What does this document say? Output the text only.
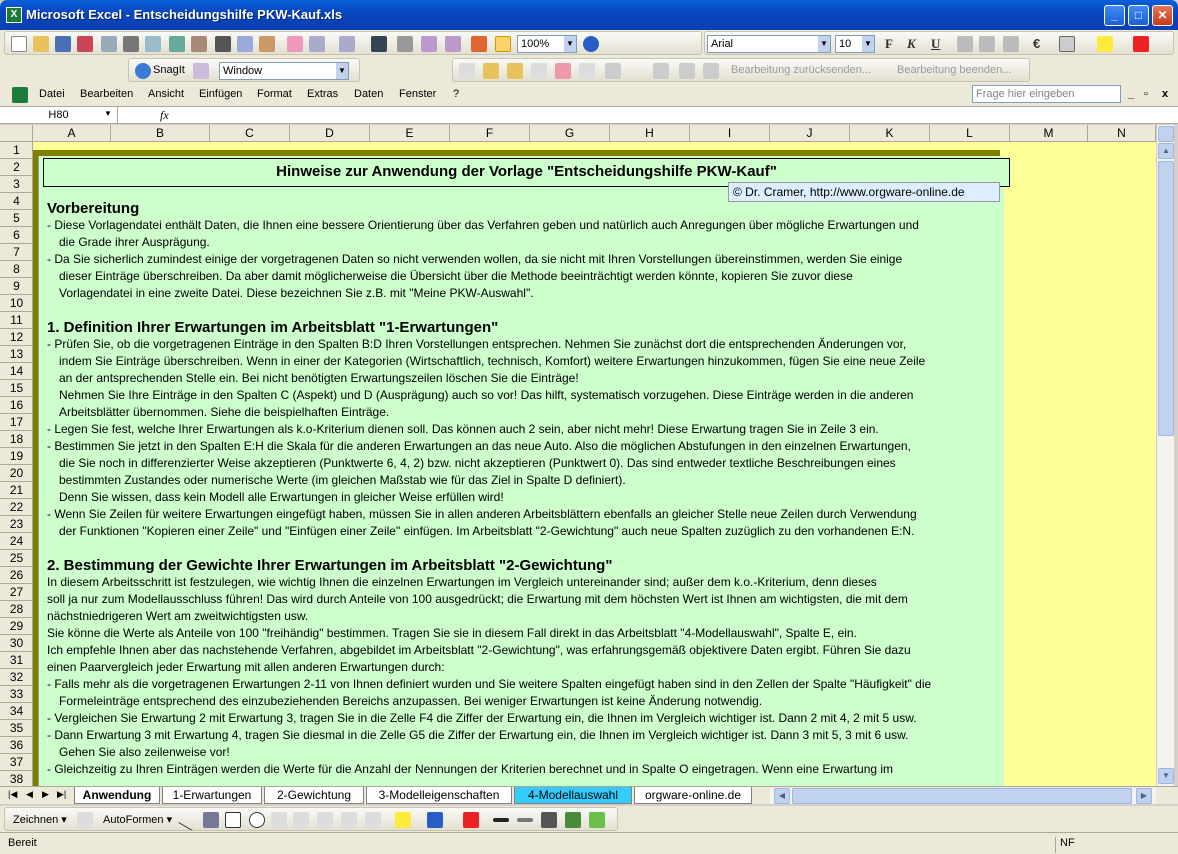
X Microsoft Excel - Entscheidungshilfe PKW-Kauf.xls	_	□	✕
100% ▼	Arial	▼	10 ▼ F K U	€
SnagIt	Window	▼	Bearbeitung zurücksenden... Bearbeitung beenden...
Datei Bearbeiten Ansicht Einfügen Format Extras Daten Fenster ?	_ ▫ x
Frage hier eingeben
H80	▼	fx
A	B	C	D	E	F	G	H	I	J	K	L	M	N
1
2
3
4
5
6
7
8
9
10
11
12
13
14
15
16
17
18
19
20
21
22
23
24
25
26
27
28
29
30
31
32
33
34
35
36
37
38
Hinweise zur Anwendung der Vorlage "Entscheidungshilfe PKW-Kauf"
© Dr. Cramer, http://www.orgware-online.de
Vorbereitung
- Diese Vorlagendatei enthält Daten, die Ihnen eine bessere Orientierung über das Verfahren geben und natürlich auch Anregungen über mögliche Erwartungen und
die Grade ihrer Ausprägung.
- Da Sie sicherlich zumindest einige der vorgetragenen Daten so nicht verwenden wollen, da sie nicht mit Ihren Vorstellungen übereinstimmen, werden Sie einige
dieser Einträge überschreiben. Da aber damit möglicherweise die Übersicht über die Methode beeinträchtigt werden könnte, kopieren Sie zuvor diese
Vorlagendatei in eine zweite Datei. Diese bezeichnen Sie z.B. mit "Meine PKW-Auswahl".
1. Definition Ihrer Erwartungen im Arbeitsblatt "1-Erwartungen"
- Prüfen Sie, ob die vorgetragenen Einträge in den Spalten B:D Ihren Vorstellungen entsprechen. Nehmen Sie zunächst dort die entsprechenden Änderungen vor,
indem Sie Einträge überschreiben. Wenn in einer der Kategorien (Wirtschaftlich, technisch, Komfort) weitere Erwartungen hinzukommen, fügen Sie eine neue Zeile
an der antsprechenden Stelle ein. Bei nicht benötigten Erwartungszeilen löschen Sie die Einträge!
Nehmen Sie Ihre Einträge in den Spalten C (Aspekt) und D (Ausprägung) auch so vor! Das hilft, systematisch vorzugehen. Diese Einträge werden in die anderen
Arbeitsblätter übernommen. Siehe die beispielhaften Einträge.
- Legen Sie fest, welche Ihrer Erwartungen als k.o-Kriterium dienen soll. Das können auch 2 sein, aber nicht mehr! Diese Erwartung tragen Sie in Zeile 3 ein.
- Bestimmen Sie jetzt in den Spalten E:H die Skala für die anderen Erwartungen an das neue Auto. Also die möglichen Abstufungen in den einzelnen Erwartungen,
die Sie noch in differenzierter Weise akzeptieren (Punktwerte 6, 4, 2) bzw. nicht akzeptieren (Punktwert 0). Das sind entweder textliche Beschreibungen eines
bestimmten Zustandes oder numerische Werte (im gleichen Maßstab wie für das Ziel in Spalte D definiert).
Denn Sie wissen, dass kein Modell alle Erwartungen in gleicher Weise erfüllen wird!
- Wenn Sie Zeilen für weitere Erwartungen eingefügt haben, müssen Sie in allen anderen Arbeitsblättern ebenfalls an gleicher Stelle neue Zeilen durch Verwendung
der Funktionen "Kopieren einer Zeile" und "Einfügen einer Zeile" einfügen. Im Arbeitsblatt "2-Gewichtung" auch neue Spalten zuzüglich zu den vorhandenen E:N.
2. Bestimmung der Gewichte Ihrer Erwartungen im Arbeitsblatt "2-Gewichtung"
In diesem Arbeitsschritt ist festzulegen, wie wichtig Ihnen die einzelnen Erwartungen im Vergleich untereinander sind; außer dem k.o.-Kriterium, denn dieses
soll ja nur zum Modellausschluss führen! Das wird durch Anteile von 100 ausgedrückt; die Erwartung mit dem höchsten Wert ist Ihnen am wichtigsten, die mit dem
nächstniedrigeren Wert am zweitwichtigsten usw.
Sie könne die Werte als Anteile von 100 "freihändig" bestimmen. Tragen Sie sie in diesem Fall direkt in das Arbeitsblatt "4-Modellauswahl", Spalte E, ein.
Ich empfehle Ihnen aber das nachstehende Verfahren, abgebildet im Arbeitsblatt "2-Gewichtung", was erfahrungsgemäß objektivere Daten ergibt. Führen Sie dazu
einen Paarvergleich jeder Erwartung mit allen anderen Erwartungen durch:
- Falls mehr als die vorgetragenen Erwartungen 2-11 von Ihnen definiert wurden und Sie weitere Spalten eingefügt haben sind in den Zellen der Spalte "Häufigkeit" die
Formeleinträge entsprechend des einzubeziehenden Bereichs anzupassen. Bei weniger Erwartungen ist keine Änderung notwendig.
- Vergleichen Sie Erwartung 2 mit Erwartung 3, tragen Sie in die Zelle F4 die Ziffer der Erwartung ein, die Ihnen im Vergleich wichtiger ist. Dann 2 mit 4, 2 mit 5 usw.
- Dann Erwartung 3 mit Erwartung 4, tragen Sie diesmal in die Zelle G5 die Ziffer der Erwartung ein, die Ihnen im Vergleich wichtiger ist. Dann 3 mit 5, 3 mit 6 usw.
Gehen Sie also zeilenweise vor!
- Gleichzeitig zu Ihren Einträgen werden die Werte für die Anzahl der Nennungen der Kriterien berechnet und in Spalte O eingetragen. Wenn eine Erwartung im
▲
▼
|◀ ◀ ▶ ▶|	Anwendung	1-Erwartungen	2-Gewichtung	3-Modelleigenschaften	4-Modellauswahl	orgware-online.de	◀	▶
Zeichnen ▾	AutoFormen ▾
Bereit	NF
